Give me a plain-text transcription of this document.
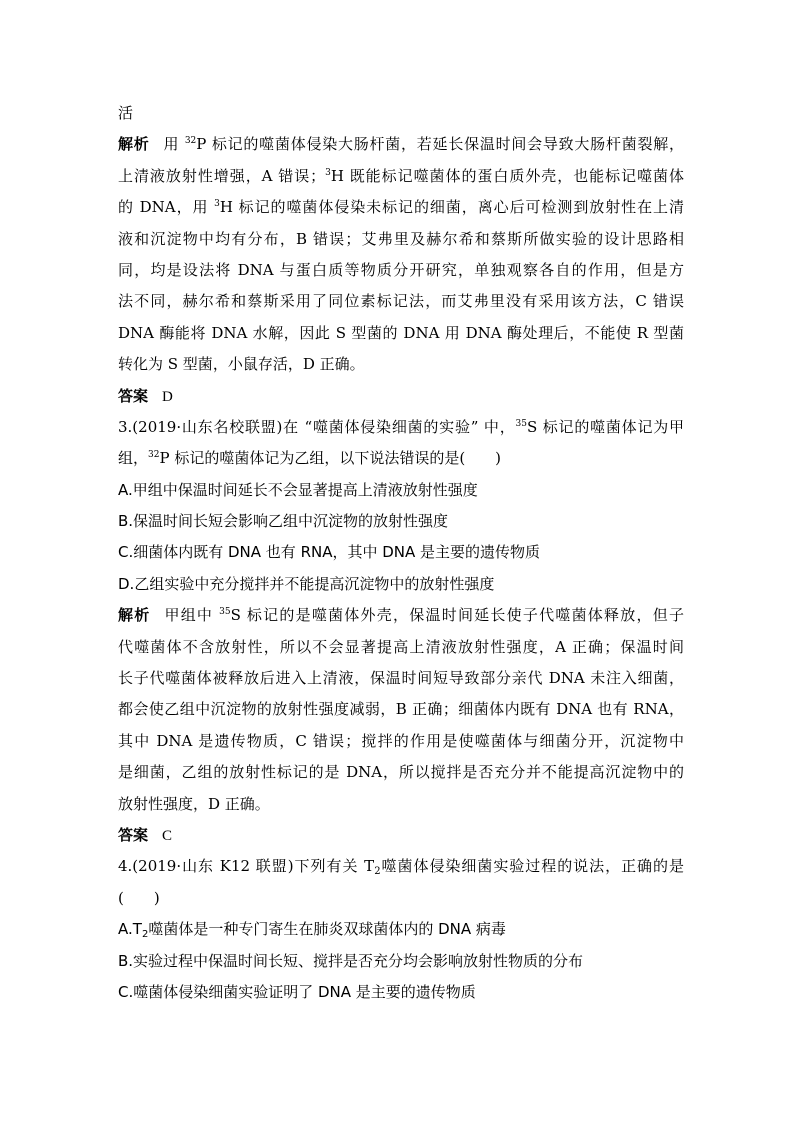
活
解析 用 $^{32}$P 标记的噬菌体侵染大肠杆菌，若延长保温时间会导致大肠杆菌裂解，
上清液放射性增强，A 错误；$^3$H 既能标记噬菌体的蛋白质外壳，也能标记噬菌体
的 DNA，用 $^3$H 标记的噬菌体侵染未标记的细菌，离心后可检测到放射性在上清
液和沉淀物中均有分布，B 错误；艾弗里及赫尔希和蔡斯所做实验的设计思路相
同，均是设法将 DNA 与蛋白质等物质分开研究，单独观察各自的作用，但是方
法不同，赫尔希和蔡斯采用了同位素标记法，而艾弗里没有采用该方法，C 错误
DNA 酶能将 DNA 水解，因此 S 型菌的 DNA 用 DNA 酶处理后，不能使 R 型菌
转化为 S 型菌，小鼠存活，D 正确。
答案 D
3.(2019·山东名校联盟)在 “噬菌体侵染细菌的实验” 中，$^{35}$S 标记的噬菌体记为甲
组，$^{32}$P 标记的噬菌体记为乙组，以下说法错误的是(　　)
A.甲组中保温时间延长不会显著提高上清液放射性强度
B.保温时间长短会影响乙组中沉淀物的放射性强度
C.细菌体内既有 DNA 也有 RNA，其中 DNA 是主要的遗传物质
D.乙组实验中充分搅拌并不能提高沉淀物中的放射性强度
解析 甲组中 $^{35}$S 标记的是噬菌体外壳，保温时间延长使子代噬菌体释放，但子
代噬菌体不含放射性，所以不会显著提高上清液放射性强度，A 正确；保温时间
长子代噬菌体被释放后进入上清液，保温时间短导致部分亲代 DNA 未注入细菌，
都会使乙组中沉淀物的放射性强度减弱，B 正确；细菌体内既有 DNA 也有 RNA，
其中 DNA 是遗传物质，C 错误；搅拌的作用是使噬菌体与细菌分开，沉淀物中
是细菌，乙组的放射性标记的是 DNA，所以搅拌是否充分并不能提高沉淀物中的
放射性强度，D 正确。
答案 C
4.(2019·山东 K12 联盟)下列有关 $T_2$噬菌体侵染细菌实验过程的说法，正确的是
(　　)
$A.T_2$噬菌体是一种专门寄生在肺炎双球菌体内的 DNA 病毒
B.实验过程中保温时间长短、搅拌是否充分均会影响放射性物质的分布
C.噬菌体侵染细菌实验证明了 DNA 是主要的遗传物质
